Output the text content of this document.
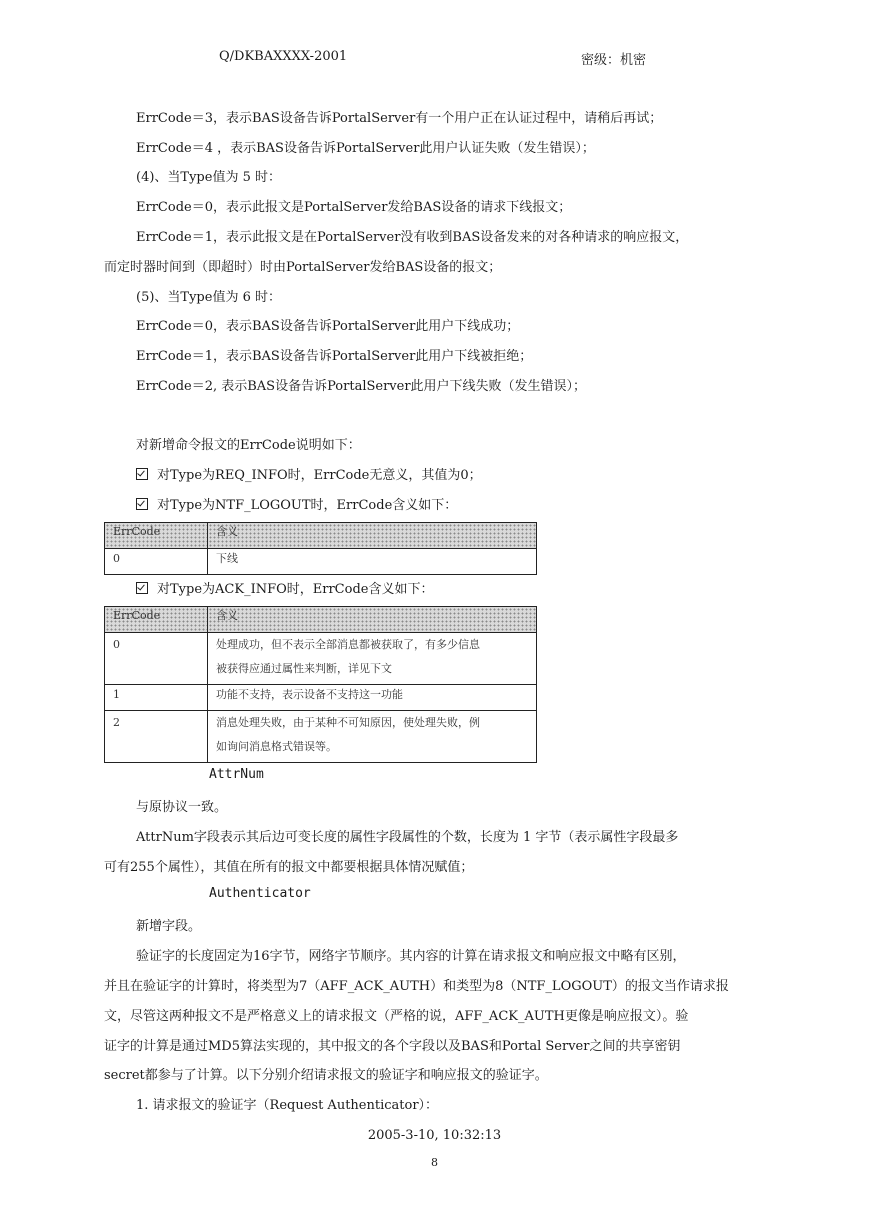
Q/DKBAXXXX-2001	密级：机密
ErrCode＝3，表示BAS设备告诉PortalServer有一个用户正在认证过程中，请稍后再试；
ErrCode＝4 ，表示BAS设备告诉PortalServer此用户认证失败（发生错误）；
(4)、当Type值为 5 时：
ErrCode＝0，表示此报文是PortalServer发给BAS设备的请求下线报文；
ErrCode＝1，表示此报文是在PortalServer没有收到BAS设备发来的对各种请求的响应报文，
而定时器时间到（即超时）时由PortalServer发给BAS设备的报文；
(5)、当Type值为 6 时：
ErrCode＝0，表示BAS设备告诉PortalServer此用户下线成功；
ErrCode＝1，表示BAS设备告诉PortalServer此用户下线被拒绝；
ErrCode＝2, 表示BAS设备告诉PortalServer此用户下线失败（发生错误）；
对新增命令报文的ErrCode说明如下：
对Type为REQ_INFO时，ErrCode无意义，其值为0；
对Type为NTF_LOGOUT时，ErrCode含义如下：
ErrCode	含义
0	下线
对Type为ACK_INFO时，ErrCode含义如下：
ErrCode	含义
0	处理成功，但不表示全部消息都被获取了，有多少信息
被获得应通过属性来判断，详见下文

1	功能不支持，表示设备不支持这一功能
2	消息处理失败，由于某种不可知原因，使处理失败，例
如询问消息格式错误等。
AttrNum
与原协议一致。
AttrNum字段表示其后边可变长度的属性字段属性的个数，长度为 1 字节（表示属性字段最多
可有255个属性），其值在所有的报文中都要根据具体情况赋值；
Authenticator
新增字段。
验证字的长度固定为16字节，网络字节顺序。其内容的计算在请求报文和响应报文中略有区别，
并且在验证字的计算时，将类型为7（AFF_ACK_AUTH）和类型为8（NTF_LOGOUT）的报文当作请求报
文，尽管这两种报文不是严格意义上的请求报文（严格的说，AFF_ACK_AUTH更像是响应报文）。验
证字的计算是通过MD5算法实现的，其中报文的各个字段以及BAS和Portal Server之间的共享密钥
secret都参与了计算。以下分别介绍请求报文的验证字和响应报文的验证字。
1. 请求报文的验证字（Request Authenticator）：
2005-3-10, 10:32:13
8
